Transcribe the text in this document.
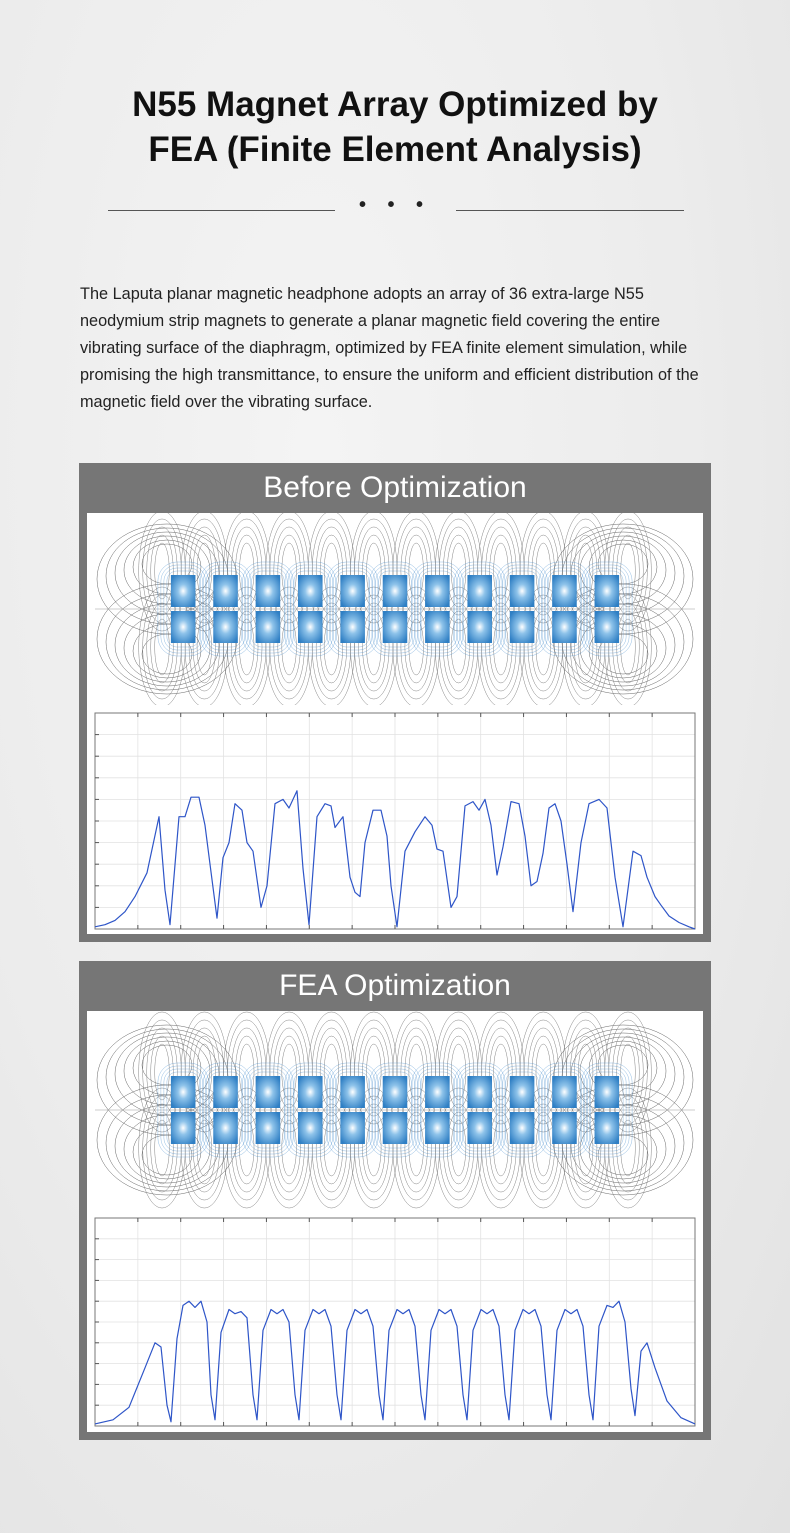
N55 Magnet Array Optimized by
FEA (Finite Element Analysis)
• • •

The Laputa planar magnetic headphone adopts an array of 36 extra-large N55 neodymium strip magnets to generate a planar magnetic field covering the entire vibrating surface of the diaphragm, optimized by FEA finite element simulation, while promising the high transmittance, to ensure the uniform and efficient distribution of the magnetic field over the vibrating surface.

Before Optimization
FEA Optimization
